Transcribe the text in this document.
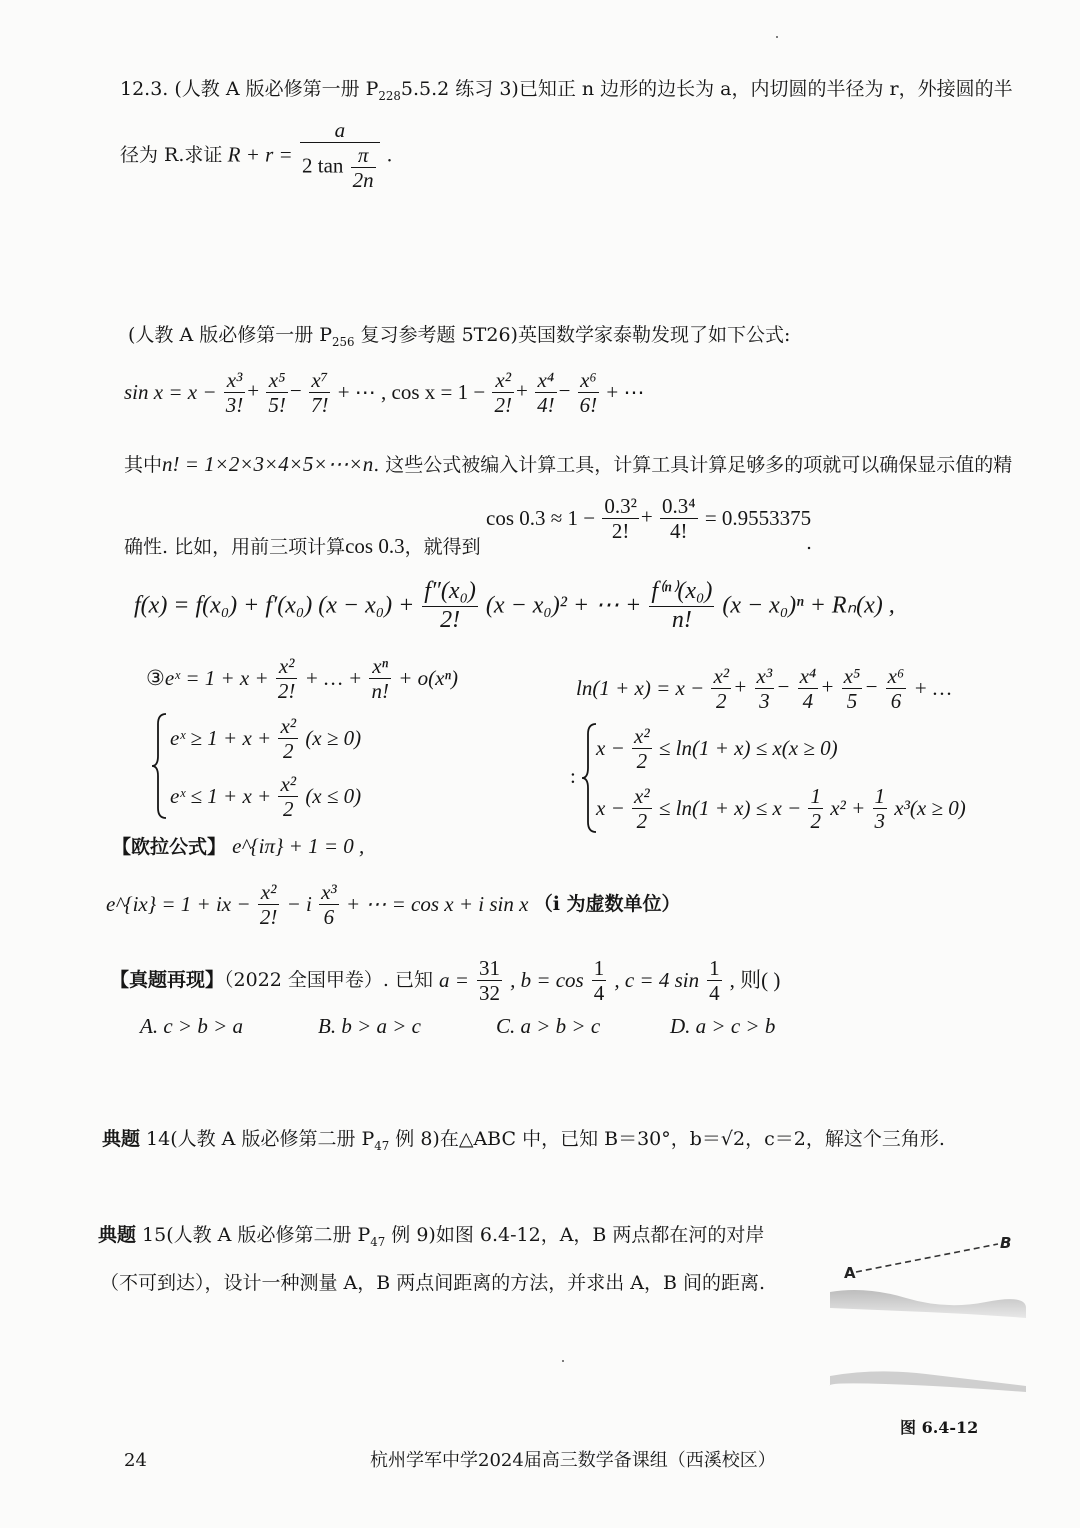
12.3. (人教 A 版必修第一册 $P_{228}5.5.2$ 练习 3)已知正 n 边形的边长为 a，内切圆的半径为 r，外接圆的半
径为 R.求证 $R + r = \frac{a}{2 \tan \frac{\pi}{2n}}$ .
(人教 A 版必修第一册 $P_{256}$ 复习参考题 5T26)英国数学家泰勒发现了如下公式:
$\sin x = x - \frac{\text{x³}}{3!} + \frac{\text{x⁵}}{5!} - \frac{\text{x⁷}}{7!}$ + ⋯ , $\cos x = 1 - \frac{\text{x²}}{2!} + \frac{\text{x⁴}}{4!} - \frac{\text{x⁶}}{6!}$ + ⋯
其中n! = 1×2×3×4×5×⋯×n. 这些公式被编入计算工具，计算工具计算足够多的项就可以确保显示值的精
$\cos 0.3 \approx 1 - \frac{\text{0.3²}}{2!} + \frac{\text{0.3⁴}}{4!} = 0.9553375$
确性. 比如，用前三项计算cos 0.3，就得到	.
f(x) = f(x₀) + f′(x₀) $(x - x_0) + \frac{\text{f″(x₀)}}{2!} (x - x_0)^2$ + ⋯ + $\frac{\text{f⁽ⁿ⁾(x₀)}}{n!} (x - x_0)^n + R_n(x)$ ,
③eˣ = $1 + x + \frac{\text{x²}}{2!}$ + … + $\frac{\text{xⁿ}}{n!} + o(x^n)$
eˣ ≥ $1 + x + \frac{\text{x²}}{2} (x \ge 0)$
eˣ ≤ $1 + x + \frac{\text{x²}}{2} (x \le 0)$
$\ln(1 + x) = x - \frac{\text{x²}}{2} + \frac{\text{x³}}{3} - \frac{\text{x⁴}}{4} + \frac{\text{x⁵}}{5} - \frac{\text{x⁶}}{6}$ + …
:
$x - \frac{\text{x²}}{2} \le \ln(1 + x) \le x(x \ge 0)$
$x - \frac{\text{x²}}{2} \le \ln(1 + x) \le x - \frac{1}{2} x^2 + \frac{1}{3} x^3(x \ge 0)$
【欧拉公式】 e^{iπ} + 1 = 0 ,
e^{ix} = 1 + ix − $\frac{\text{x²}}{2!} - i \frac{\text{x³}}{6}$ + ⋯ = cos x + i sin x （i 为虚数单位）
【真题再现】（2022 全国甲卷）. 已知 $a = \frac{31}{32}$ , $b = \cos \frac{1}{4}$ , c = 4 $\sin \frac{1}{4}$ , 则( )
A. c > b > a	B. b > a > c	C. a > b > c	D. a > c > b
典题 14(人教 A 版必修第二册 $P_{47}$ 例 8)在△ABC 中，已知 B＝30°，b＝√2，c＝2，解这个三角形.
典题 15(人教 A 版必修第二册 $P_{47}$ 例 9)如图 6.4-12，A，B 两点都在河的对岸
（不可到达），设计一种测量 A，B 两点间距离的方法，并求出 A，B 间的距离.	A
B
图 6.4-12
24	杭州学军中学2024届高三数学备课组（西溪校区）
